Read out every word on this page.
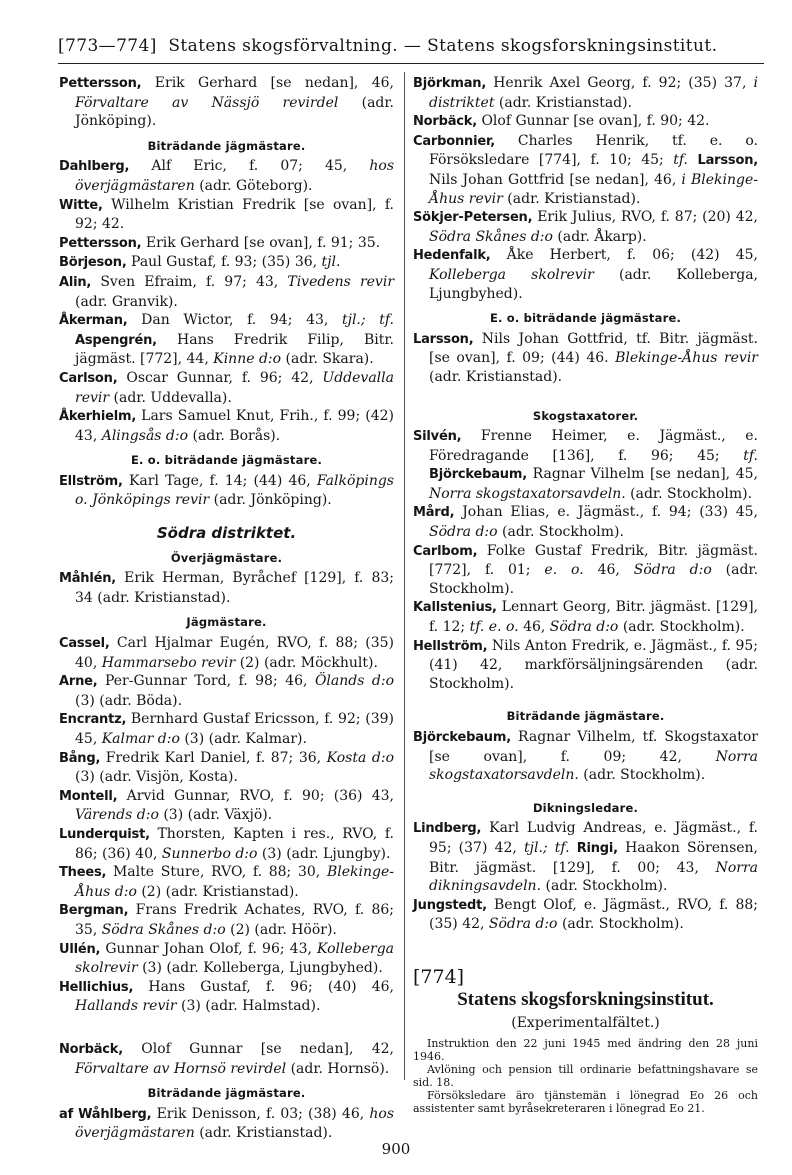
[773—774] Statens skogsförvaltning. — Statens skogsforskningsinstitut.
Pettersson, Erik Gerhard [se nedan], 46, Förvaltare av Nässjö revirdel (adr. Jönköping).
Biträdande jägmästare.
Dahlberg, Alf Eric, f. 07; 45, hos överjägmästaren (adr. Göteborg).
Witte, Wilhelm Kristian Fredrik [se ovan], f. 92; 42.
Pettersson, Erik Gerhard [se ovan], f. 91; 35.
Börjeson, Paul Gustaf, f. 93; (35) 36, tjl.
Alin, Sven Efraim, f. 97; 43, Tivedens revir (adr. Granvik).
Åkerman, Dan Wictor, f. 94; 43, tjl.; tf. Aspengrén, Hans Fredrik Filip, Bitr. jägmäst. [772], 44, Kinne d:o (adr. Skara).
Carlson, Oscar Gunnar, f. 96; 42, Uddevalla revir (adr. Uddevalla).
Åkerhielm, Lars Samuel Knut, Frih., f. 99; (42) 43, Alingsås d:o (adr. Borås).
E. o. biträdande jägmästare.
Ellström, Karl Tage, f. 14; (44) 46, Falköpings o. Jönköpings revir (adr. Jönköping).
Södra distriktet.
Överjägmästare.
Måhlén, Erik Herman, Byråchef [129], f. 83; 34 (adr. Kristianstad).
Jägmästare.
Cassel, Carl Hjalmar Eugén, RVO, f. 88; (35) 40, Hammarsebo revir (2) (adr. Möckhult).
Arne, Per-Gunnar Tord, f. 98; 46, Ölands d:o (3) (adr. Böda).
Encrantz, Bernhard Gustaf Ericsson, f. 92; (39) 45, Kalmar d:o (3) (adr. Kalmar).
Bång, Fredrik Karl Daniel, f. 87; 36, Kosta d:o (3) (adr. Visjön, Kosta).
Montell, Arvid Gunnar, RVO, f. 90; (36) 43, Värends d:o (3) (adr. Växjö).
Lunderquist, Thorsten, Kapten i res., RVO, f. 86; (36) 40, Sunnerbo d:o (3) (adr. Ljungby).
Thees, Malte Sture, RVO, f. 88; 30, Blekinge-Åhus d:o (2) (adr. Kristianstad).
Bergman, Frans Fredrik Achates, RVO, f. 86; 35, Södra Skånes d:o (2) (adr. Höör).
Ullén, Gunnar Johan Olof, f. 96; 43, Kolleberga skolrevir (3) (adr. Kolleberga, Ljungbyhed).
Hellichius, Hans Gustaf, f. 96; (40) 46, Hallands revir (3) (adr. Halmstad).
Norbäck, Olof Gunnar [se nedan], 42, Förvaltare av Hornsö revirdel (adr. Hornsö).
Biträdande jägmästare.
af Wåhlberg, Erik Denisson, f. 03; (38) 46, hos överjägmästaren (adr. Kristianstad).
Björkman, Henrik Axel Georg, f. 92; (35) 37, i distriktet (adr. Kristianstad).
Norbäck, Olof Gunnar [se ovan], f. 90; 42.
Carbonnier, Charles Henrik, tf. e. o. Försöksledare [774], f. 10; 45; tf. Larsson, Nils Johan Gottfrid [se nedan], 46, i Blekinge-Åhus revir (adr. Kristianstad).
Sökjer-Petersen, Erik Julius, RVO, f. 87; (20) 42, Södra Skånes d:o (adr. Åkarp).
Hedenfalk, Åke Herbert, f. 06; (42) 45, Kolleberga skolrevir (adr. Kolleberga, Ljungbyhed).
E. o. biträdande jägmästare.
Larsson, Nils Johan Gottfrid, tf. Bitr. jägmäst. [se ovan], f. 09; (44) 46. Blekinge-Åhus revir (adr. Kristianstad).
Skogstaxatorer.
Silvén, Frenne Heimer, e. Jägmäst., e. Föredragande [136], f. 96; 45; tf. Björckebaum, Ragnar Vilhelm [se nedan], 45, Norra skogstaxatorsavdeln. (adr. Stockholm).
Mård, Johan Elias, e. Jägmäst., f. 94; (33) 45, Södra d:o (adr. Stockholm).
Carlbom, Folke Gustaf Fredrik, Bitr. jägmäst. [772], f. 01; e. o. 46, Södra d:o (adr. Stockholm).
Kallstenius, Lennart Georg, Bitr. jägmäst. [129], f. 12; tf. e. o. 46, Södra d:o (adr. Stockholm).
Hellström, Nils Anton Fredrik, e. Jägmäst., f. 95; (41) 42, markförsäljningsärenden (adr. Stockholm).
Biträdande jägmästare.
Björckebaum, Ragnar Vilhelm, tf. Skogstaxator [se ovan], f. 09; 42, Norra skogstaxatorsavdeln. (adr. Stockholm).
Dikningsledare.
Lindberg, Karl Ludvig Andreas, e. Jägmäst., f. 95; (37) 42, tjl.; tf. Ringi, Haakon Sörensen, Bitr. jägmäst. [129], f. 00; 43, Norra dikningsavdeln. (adr. Stockholm).
Jungstedt, Bengt Olof, e. Jägmäst., RVO, f. 88; (35) 42, Södra d:o (adr. Stockholm).
[774]
Statens skogsforskningsinstitut.
(Experimentalfältet.)
Instruktion den 22 juni 1945 med ändring den 28 juni 1946.
Avlöning och pension till ordinarie befattningshavare se sid. 18.
Försöksledare äro tjänstemän i lönegrad Eo 26 och assistenter samt byråsekreteraren i lönegrad Eo 21.
900
